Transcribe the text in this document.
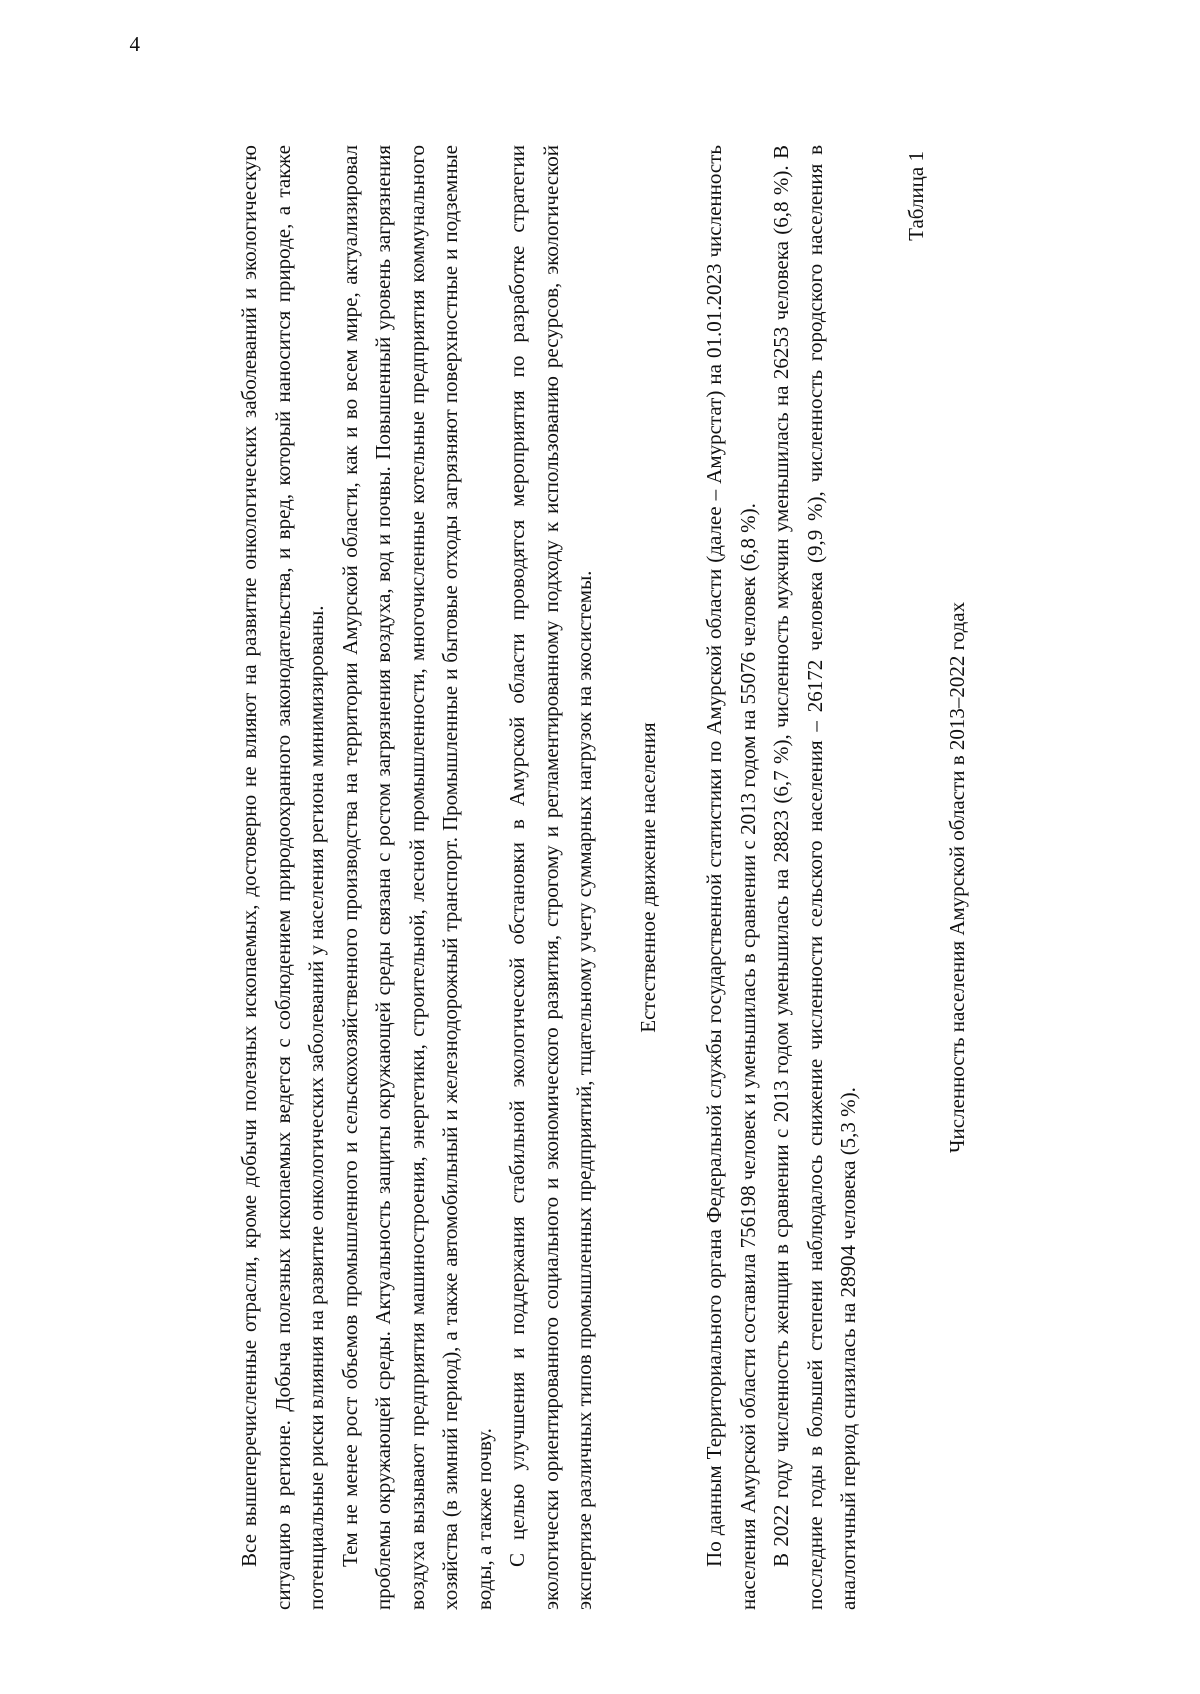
4

Все вышеперечисленные отрасли, кроме добычи полезных ископаемых, достоверно не влияют на развитие онкологических заболеваний и экологическую ситуацию в регионе. Добыча полезных ископаемых ведется с соблюдением природоохранного законодательства, и вред, который наносится природе, а также потенциальные риски влияния на развитие онкологических заболеваний у населения региона минимизированы. Тем не менее рост объемов промышленного и сельскохозяйственного производства на территории Амурской области, как и во всем мире, актуализировал проблемы окружающей среды. Актуальность защиты окружающей среды связана с ростом загрязнения воздуха, вод и почвы. Повышенный уровень загрязнения воздуха вызывают предприятия машиностроения, энергетики, строительной, лесной промышленности, многочисленные котельные предприятия коммунального хозяйства (в зимний период), а также автомобильный и железнодорожный транспорт. Промышленные и бытовые отходы загрязняют поверхностные и подземные воды, а также почву. С целью улучшения и поддержания стабильной экологической обстановки в Амурской области проводятся мероприятия по разработке стратегии экологически ориентированного социального и экономического развития, строгому и регламентированному подходу к использованию ресурсов, экологической экспертизе различных типов промышленных предприятий, тщательному учету суммарных нагрузок на экосистемы. Естественное движение населения По данным Территориального органа Федеральной службы государственной статистики по Амурской области (далее – Амурстат) на 01.01.2023 численность населения Амурской области составила 756198 человек и уменьшилась в сравнении с 2013 годом на 55076 человек (6,8 %). В 2022 году численность женщин в сравнении с 2013 годом уменьшилась на 28823 (6,7 %), численность мужчин уменьшилась на 26253 человека (6,8 %). В последние годы в большей степени наблюдалось снижение численности сельского населения – 26172 человека (9,9 %), численность городского населения в аналогичный период снизилась на 28904 человека (5,3 %).

Таблица 1
Численность населения Амурской области в 2013–2022 годах
